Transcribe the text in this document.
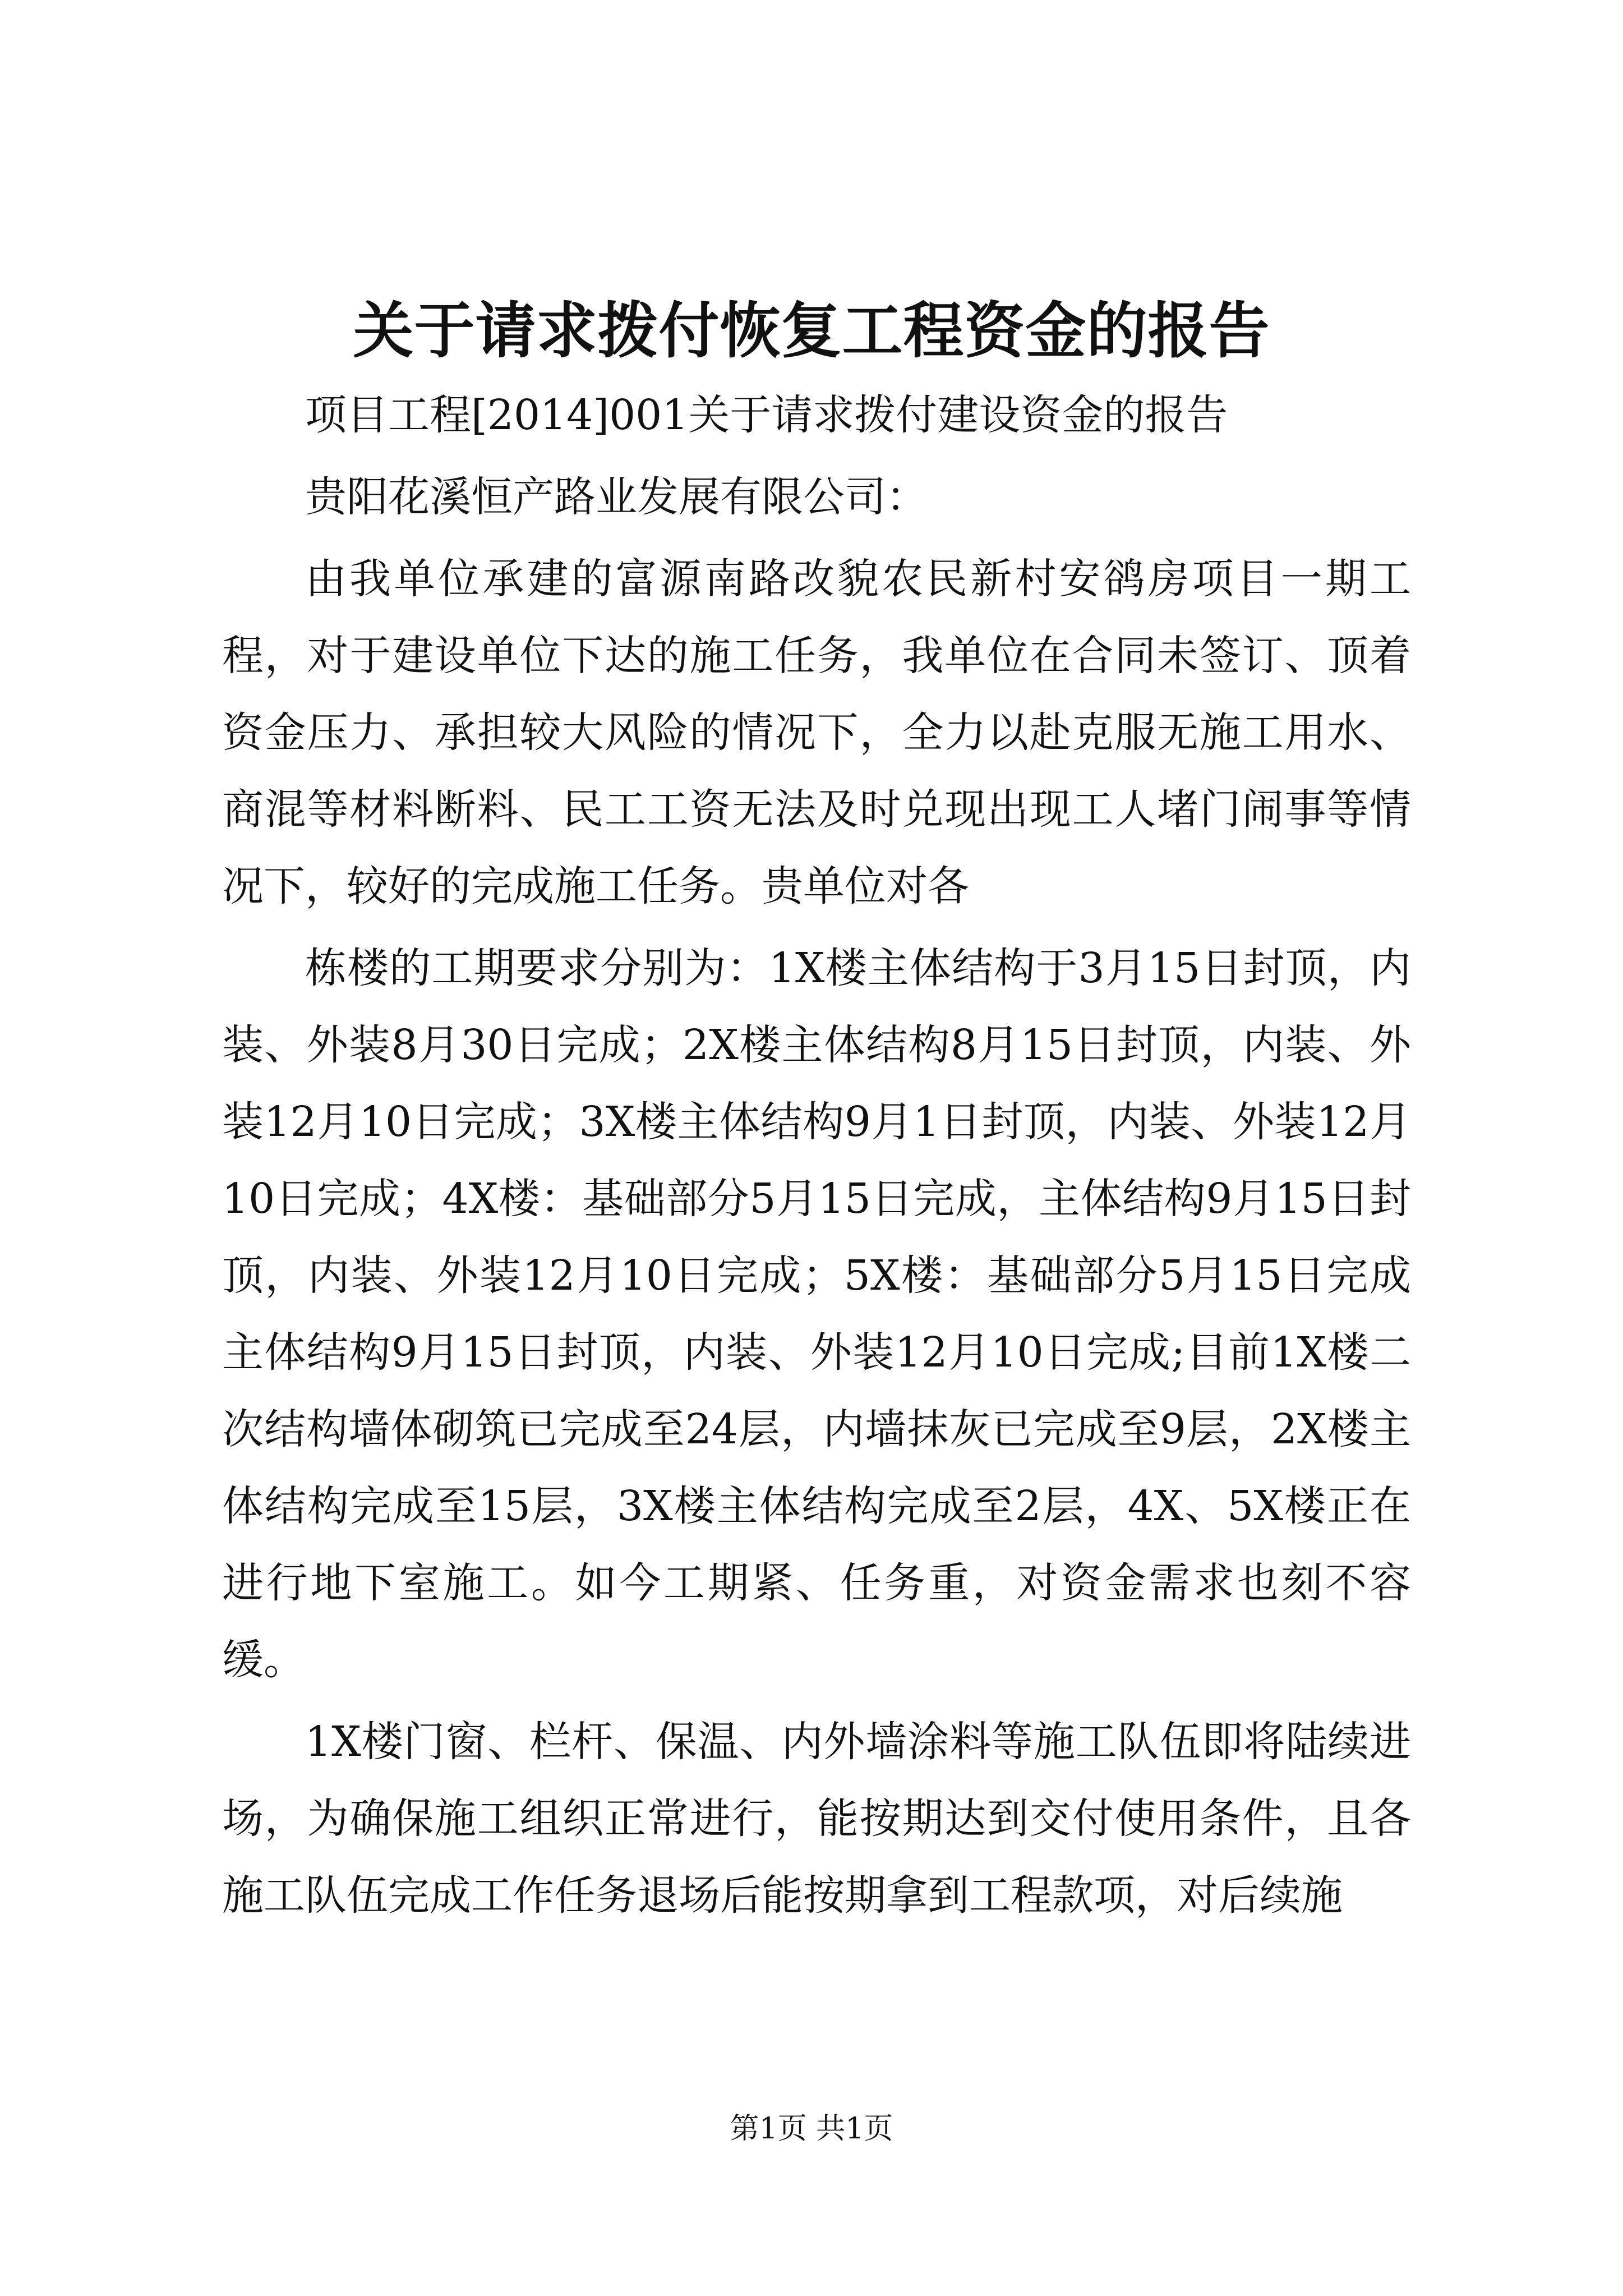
关于请求拨付恢复工程资金的报告

项目工程[2014]001关于请求拨付建设资金的报告

贵阳花溪恒产路业发展有限公司：

由我单位承建的富源南路改貌农民新村安鹆房项目一期工程，对于建设单位下达的施工任务，我单位在合同未签订、顶着资金压力、承担较大风险的情况下，全力以赴克服无施工用水、商混等材料断料、民工工资无法及时兑现出现工人堵门闹事等情况下，较好的完成施工任务。贵单位对各

栋楼的工期要求分别为：1X楼主体结构于3月15日封顶，内装、外装8月30日完成；2X楼主体结构8月15日封顶，内装、外装12月10日完成；3X楼主体结构9月1日封顶，内装、外装12月10日完成；4X楼：基础部分5月15日完成，主体结构9月15日封顶，内装、外装12月10日完成；5X楼：基础部分5月15日完成主体结构9月15日封顶，内装、外装12月10日完成;目前1X楼二次结构墙体砌筑已完成至24层，内墙抹灰已完成至9层，2X楼主体结构完成至15层，3X楼主体结构完成至2层，4X、5X楼正在进行地下室施工。如今工期紧、任务重，对资金需求也刻不容缓。

1X楼门窗、栏杆、保温、内外墙涂料等施工队伍即将陆续进场，为确保施工组织正常进行，能按期达到交付使用条件，且各施工队伍完成工作任务退场后能按期拿到工程款项，对后续施

第1页 共1页
